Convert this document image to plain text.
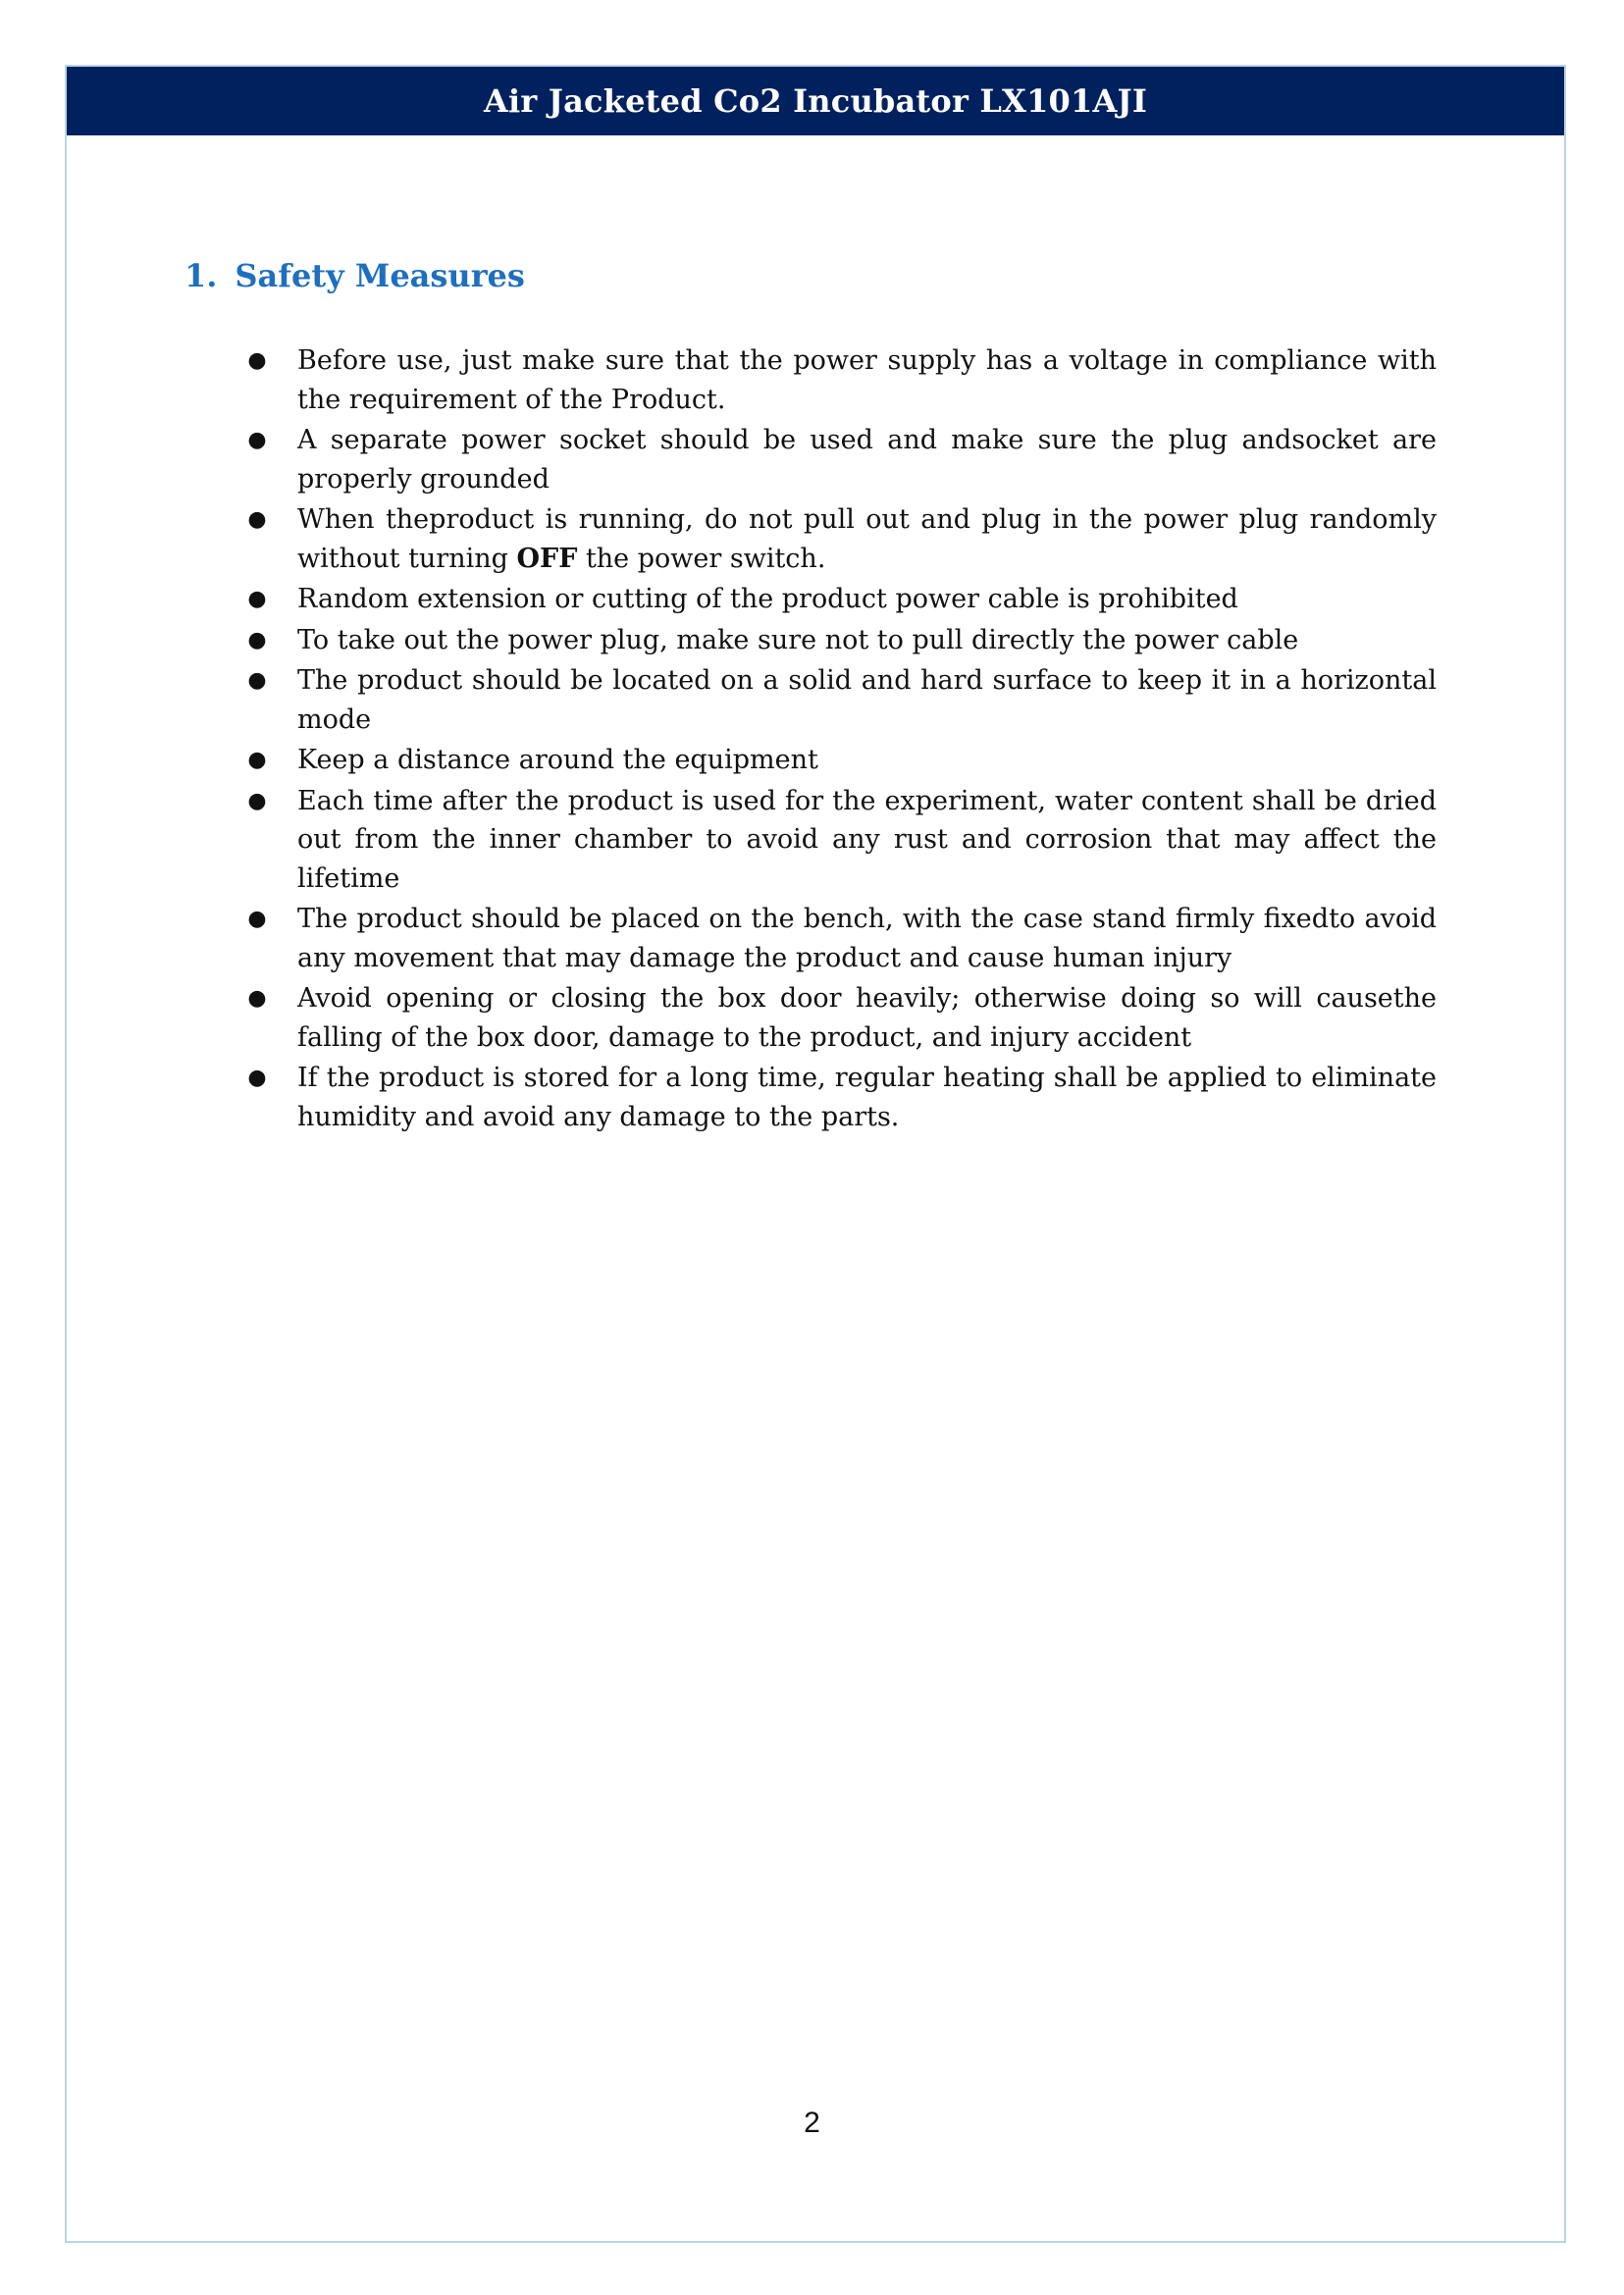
Air Jacketed Co2 Incubator LX101AJI
1. Safety Measures
● Before use, just make sure that the power supply has a voltage in compliance with the requirement of the Product.
● A separate power socket should be used and make sure the plug andsocket are properly grounded
● When theproduct is running, do not pull out and plug in the power plug randomly without turning OFF the power switch.
● Random extension or cutting of the product power cable is prohibited
● To take out the power plug, make sure not to pull directly the power cable
● The product should be located on a solid and hard surface to keep it in a horizontal mode
● Keep a distance around the equipment
● Each time after the product is used for the experiment, water content shall be dried out from the inner chamber to avoid any rust and corrosion that may affect the lifetime
● The product should be placed on the bench, with the case stand firmly fixedto avoid any movement that may damage the product and cause human injury
● Avoid opening or closing the box door heavily; otherwise doing so will causethe falling of the box door, damage to the product, and injury accident
● If the product is stored for a long time, regular heating shall be applied to eliminate humidity and avoid any damage to the parts.
2
